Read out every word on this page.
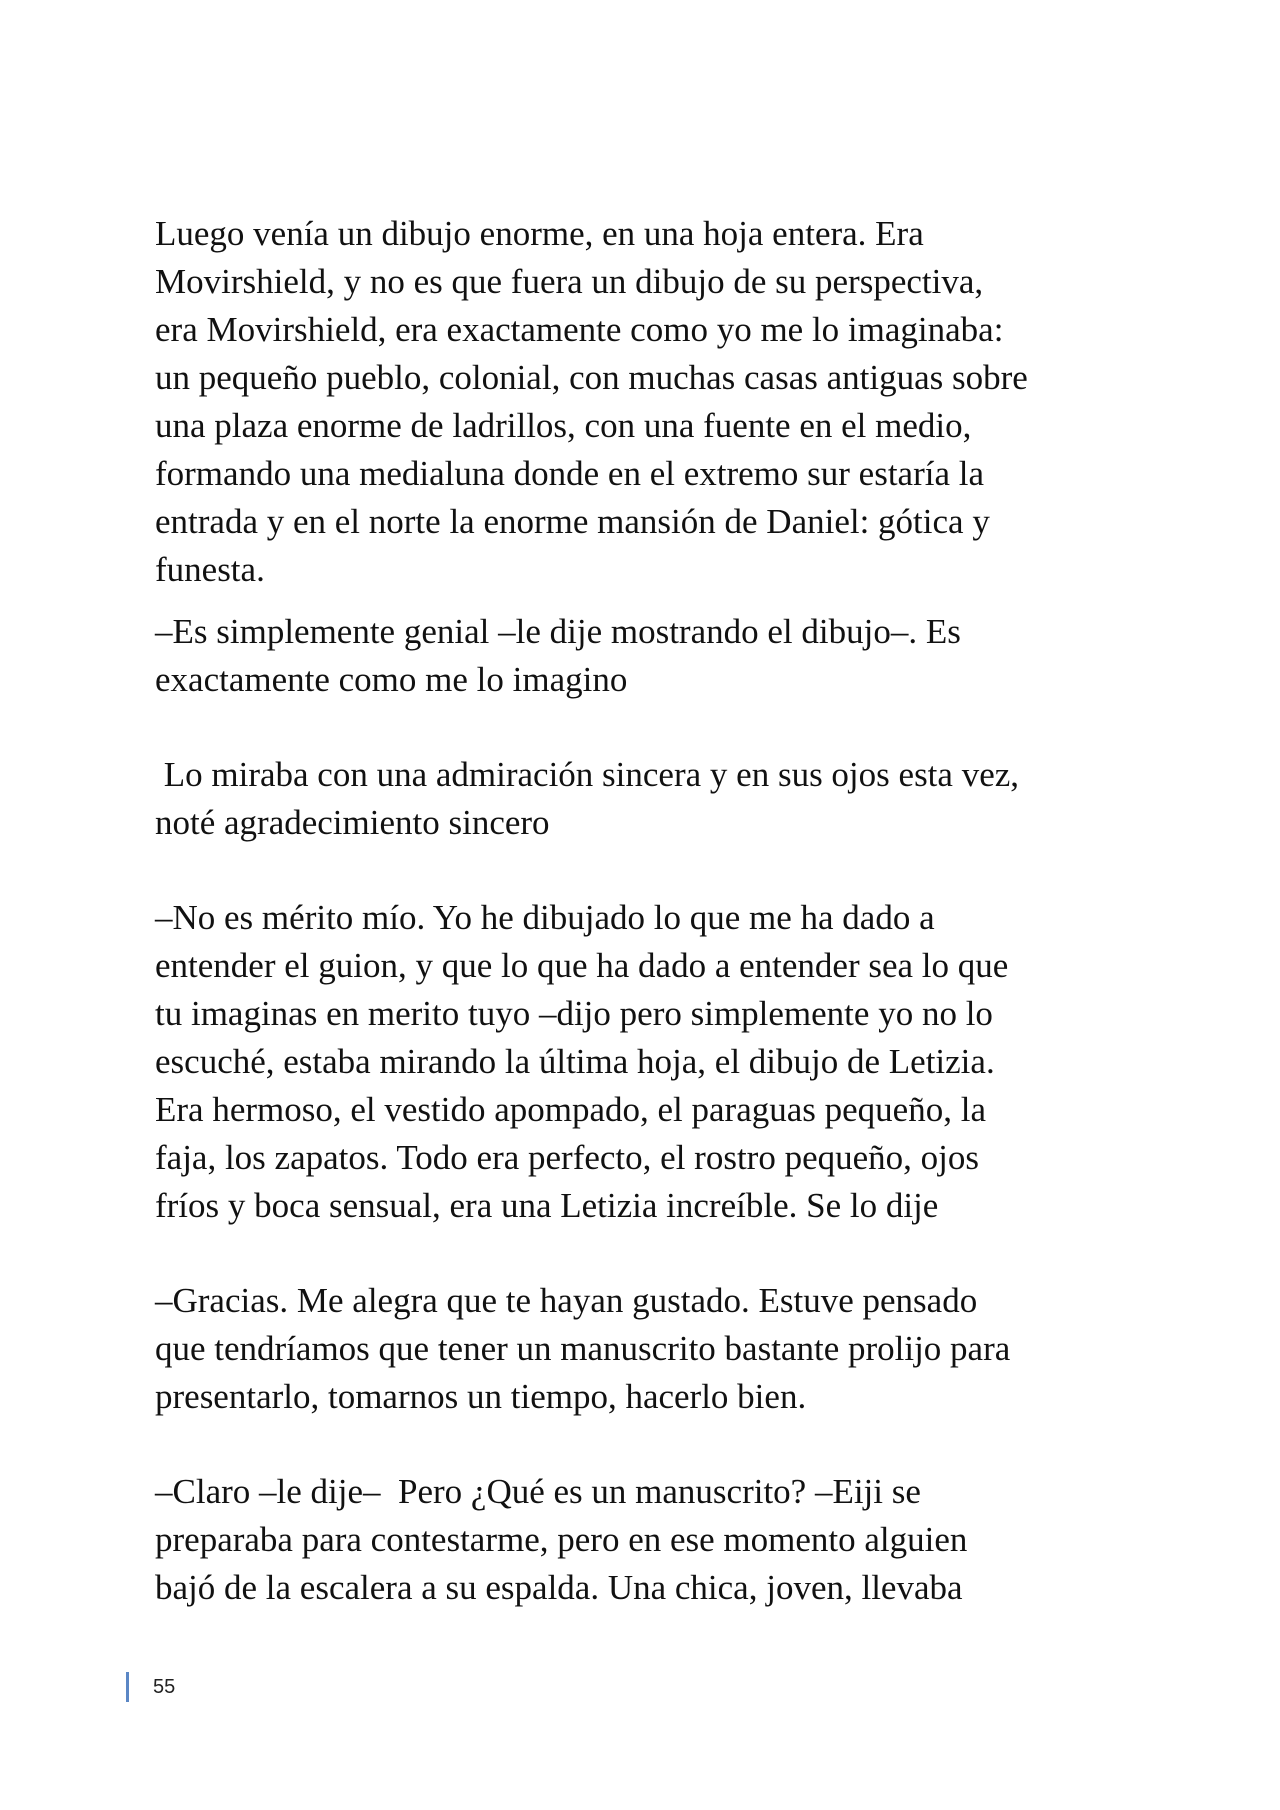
Luego venía un dibujo enorme, en una hoja entera. Era
Movirshield, y no es que fuera un dibujo de su perspectiva,
era Movirshield, era exactamente como yo me lo imaginaba:
un pequeño pueblo, colonial, con muchas casas antiguas sobre
una plaza enorme de ladrillos, con una fuente en el medio,
formando una medialuna donde en el extremo sur estaría la
entrada y en el norte la enorme mansión de Daniel: gótica y
funesta.

–Es simplemente genial –le dije mostrando el dibujo–. Es
exactamente como me lo imagino

Lo miraba con una admiración sincera y en sus ojos esta vez,
noté agradecimiento sincero

–No es mérito mío. Yo he dibujado lo que me ha dado a
entender el guion, y que lo que ha dado a entender sea lo que
tu imaginas en merito tuyo –dijo pero simplemente yo no lo
escuché, estaba mirando la última hoja, el dibujo de Letizia.
Era hermoso, el vestido apompado, el paraguas pequeño, la
faja, los zapatos. Todo era perfecto, el rostro pequeño, ojos
fríos y boca sensual, era una Letizia increíble. Se lo dije

–Gracias. Me alegra que te hayan gustado. Estuve pensado
que tendríamos que tener un manuscrito bastante prolijo para
presentarlo, tomarnos un tiempo, hacerlo bien.

–Claro –le dije–  Pero ¿Qué es un manuscrito? –Eiji se
preparaba para contestarme, pero en ese momento alguien
bajó de la escalera a su espalda. Una chica, joven, llevaba

55
